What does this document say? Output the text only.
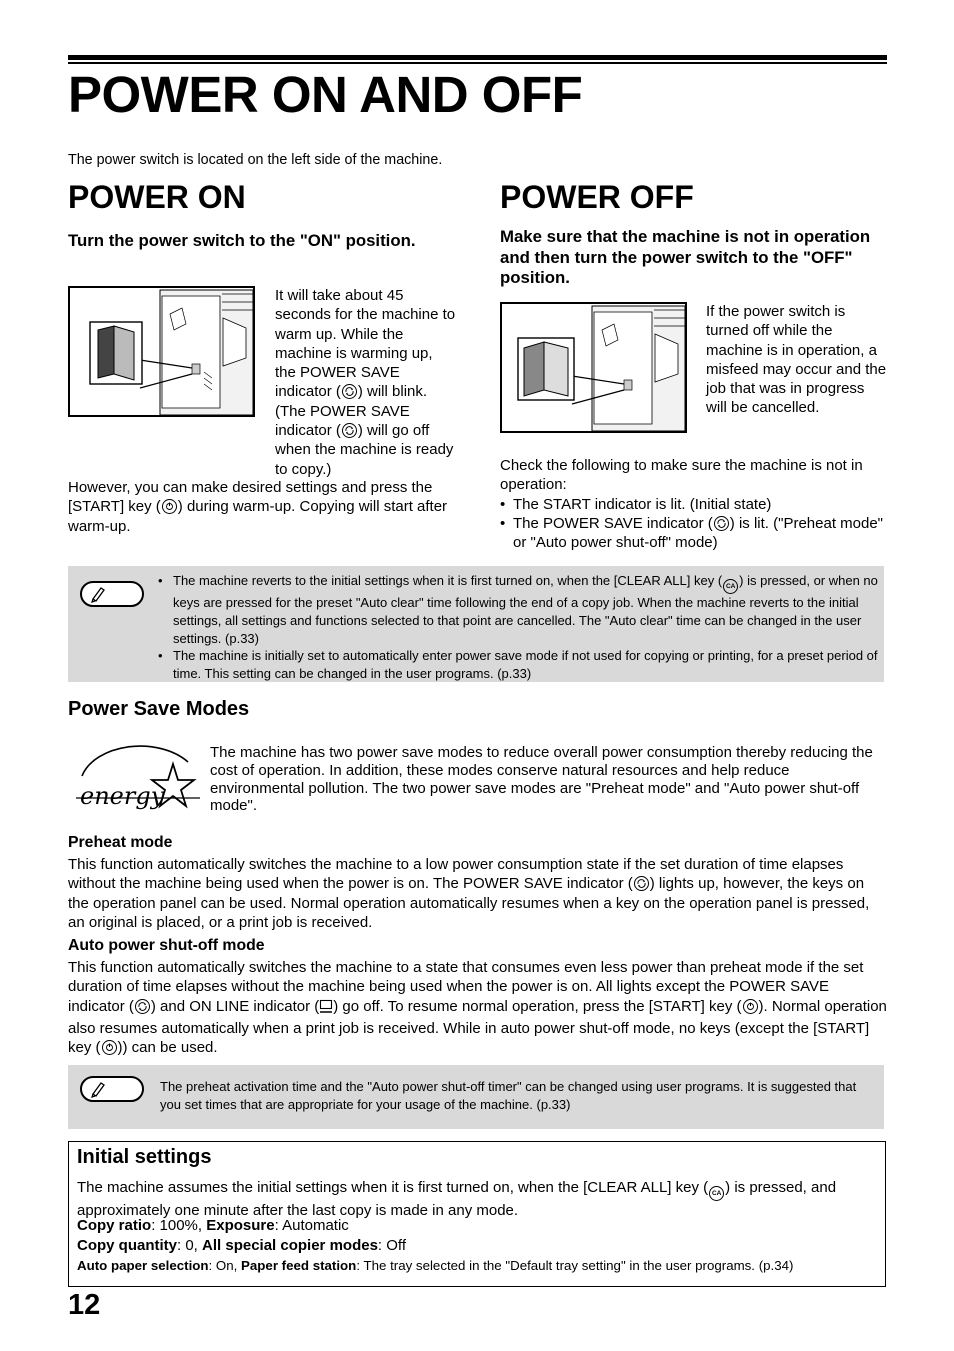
POWER ON AND OFF
The power switch is located on the left side of the machine.
POWER ON
Turn the power switch to the "ON" position.
It will take about 45 seconds for the machine to warm up. While the machine is warming up, the POWER SAVE indicator ( ) will blink. (The POWER SAVE indicator ( ) will go off when the machine is ready to copy.)
However, you can make desired settings and press the [START] key ( ) during warm-up. Copying will start after warm-up.
POWER OFF
Make sure that the machine is not in operation and then turn the power switch to the "OFF" position.
If the power switch is turned off while the machine is in operation, a misfeed may occur and the job that was in progress will be cancelled.
Check the following to make sure the machine is not in operation:
• The START indicator is lit. (Initial state)
• The POWER SAVE indicator ( ) is lit. ("Preheat mode" or "Auto power shut-off" mode)
• The machine reverts to the initial settings when it is first turned on, when the [CLEAR ALL] key ( CA ) is pressed, or when no keys are pressed for the preset "Auto clear" time following the end of a copy job. When the machine reverts to the initial settings, all settings and functions selected to that point are cancelled. The "Auto clear" time can be changed in the user settings. (p.33)
• The machine is initially set to automatically enter power save mode if not used for copying or printing, for a preset period of time. This setting can be changed in the user programs. (p.33)
Power Save Modes
energy
The machine has two power save modes to reduce overall power consumption thereby reducing the cost of operation. In addition, these modes conserve natural resources and help reduce environmental pollution. The two power save modes are "Preheat mode" and "Auto power shut-off mode".
Preheat mode
This function automatically switches the machine to a low power consumption state if the set duration of time elapses without the machine being used when the power is on. The POWER SAVE indicator ( ) lights up, however, the keys on the operation panel can be used. Normal operation automatically resumes when a key on the operation panel is pressed, an original is placed, or a print job is received.
Auto power shut-off mode
This function automatically switches the machine to a state that consumes even less power than preheat mode if the set duration of time elapses without the machine being used when the power is on. All lights except the POWER SAVE indicator ( ) and ON LINE indicator ( ) go off. To resume normal operation, press the [START] key ( ). Normal operation also resumes automatically when a print job is received. While in auto power shut-off mode, no keys (except the [START] key ( )) can be used.
The preheat activation time and the "Auto power shut-off timer" can be changed using user programs. It is suggested that you set times that are appropriate for your usage of the machine. (p.33)
Initial settings
The machine assumes the initial settings when it is first turned on, when the [CLEAR ALL] key ( CA ) is pressed, and approximately one minute after the last copy is made in any mode.
Copy ratio: 100%, Exposure: Automatic
Copy quantity: 0, All special copier modes: Off
Auto paper selection: On, Paper feed station: The tray selected in the "Default tray setting" in the user programs. (p.34)
12
